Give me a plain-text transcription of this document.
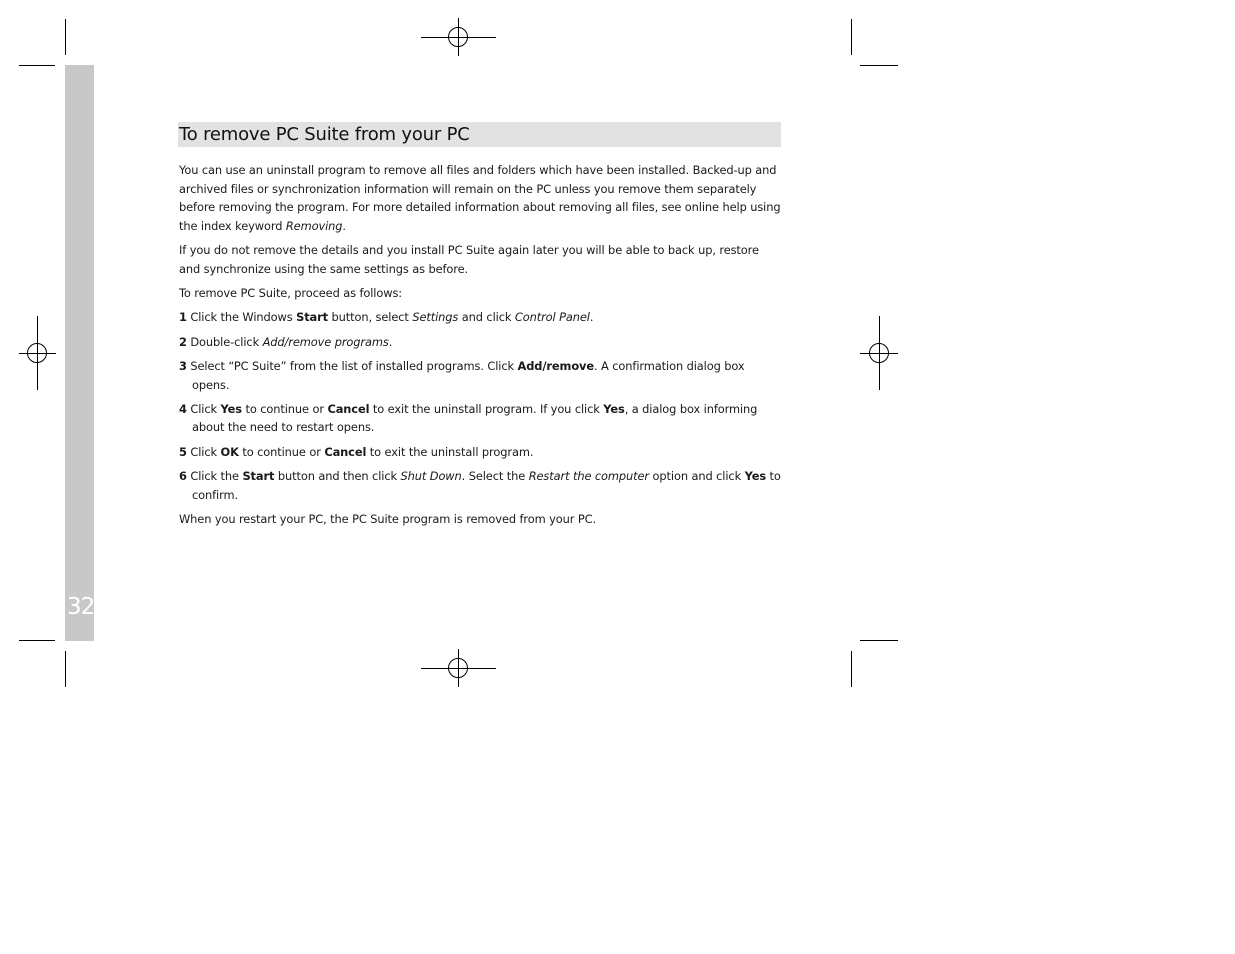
32
To remove PC Suite from your PC

You can use an uninstall program to remove all files and folders which have been installed. Backed-up and archived files or synchronization information will remain on the PC unless you remove them separately before removing the program. For more detailed information about removing all files, see online help using the index keyword Removing.

If you do not remove the details and you install PC Suite again later you will be able to back up, restore and synchronize using the same settings as before.

To remove PC Suite, proceed as follows:

1 Click the Windows Start button, select Settings and click Control Panel.

2 Double-click Add/remove programs.

3 Select “PC Suite” from the list of installed programs. Click Add/remove. A confirmation dialog box opens.

4 Click Yes to continue or Cancel to exit the uninstall program. If you click Yes, a dialog box informing about the need to restart opens.

5 Click OK to continue or Cancel to exit the uninstall program.

6 Click the Start button and then click Shut Down. Select the Restart the computer option and click Yes to confirm.

When you restart your PC, the PC Suite program is removed from your PC.
